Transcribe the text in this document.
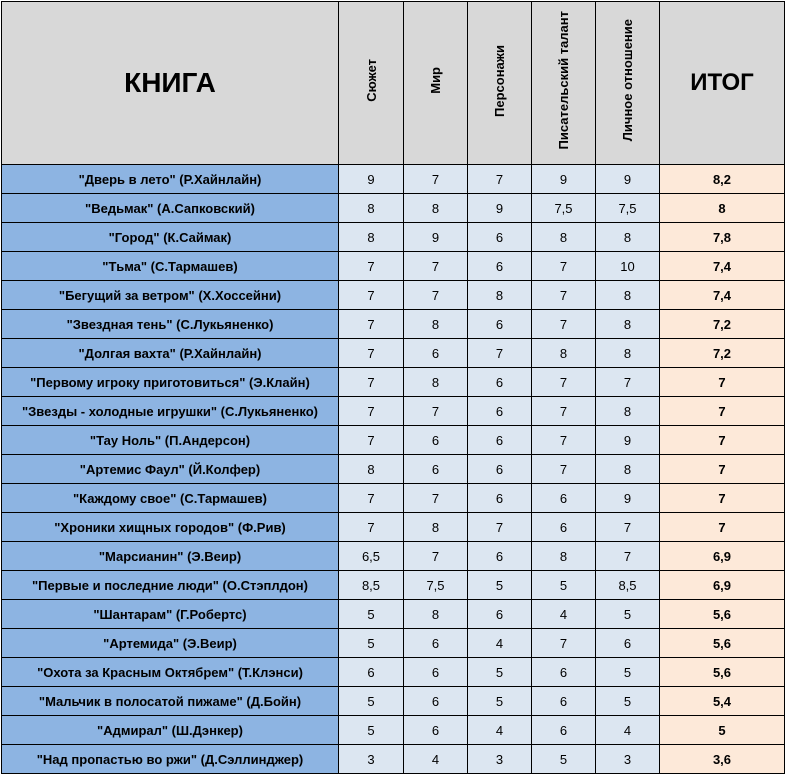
КНИГА	Сюжет	Мир	Персонажи	Писательский талант	Личное отношение	ИТОГ
"Дверь в лето" (Р.Хайнлайн)	9	7	7	9	9	8,2
"Ведьмак" (А.Сапковский)	8	8	9	7,5	7,5	8
"Город" (К.Саймак)	8	9	6	8	8	7,8
"Тьма" (С.Тармашев)	7	7	6	7	10	7,4
"Бегущий за ветром" (Х.Хоссейни)	7	7	8	7	8	7,4
"Звездная тень" (С.Лукьяненко)	7	8	6	7	8	7,2
"Долгая вахта" (Р.Хайнлайн)	7	6	7	8	8	7,2
"Первому игроку приготовиться" (Э.Клайн)	7	8	6	7	7	7
"Звезды - холодные игрушки" (С.Лукьяненко)	7	7	6	7	8	7
"Тау Ноль" (П.Андерсон)	7	6	6	7	9	7
"Артемис Фаул" (Й.Колфер)	8	6	6	7	8	7
"Каждому свое" (С.Тармашев)	7	7	6	6	9	7
"Хроники хищных городов" (Ф.Рив)	7	8	7	6	7	7
"Марсианин" (Э.Веир)	6,5	7	6	8	7	6,9
"Первые и последние люди" (О.Стэплдон)	8,5	7,5	5	5	8,5	6,9
"Шантарам" (Г.Робертс)	5	8	6	4	5	5,6
"Артемида" (Э.Веир)	5	6	4	7	6	5,6
"Охота за Красным Октябрем" (Т.Клэнси)	6	6	5	6	5	5,6
"Мальчик в полосатой пижаме" (Д.Бойн)	5	6	5	6	5	5,4
"Адмирал" (Ш.Дэнкер)	5	6	4	6	4	5
"Над пропастью во ржи" (Д.Сэллинджер)	3	4	3	5	3	3,6
